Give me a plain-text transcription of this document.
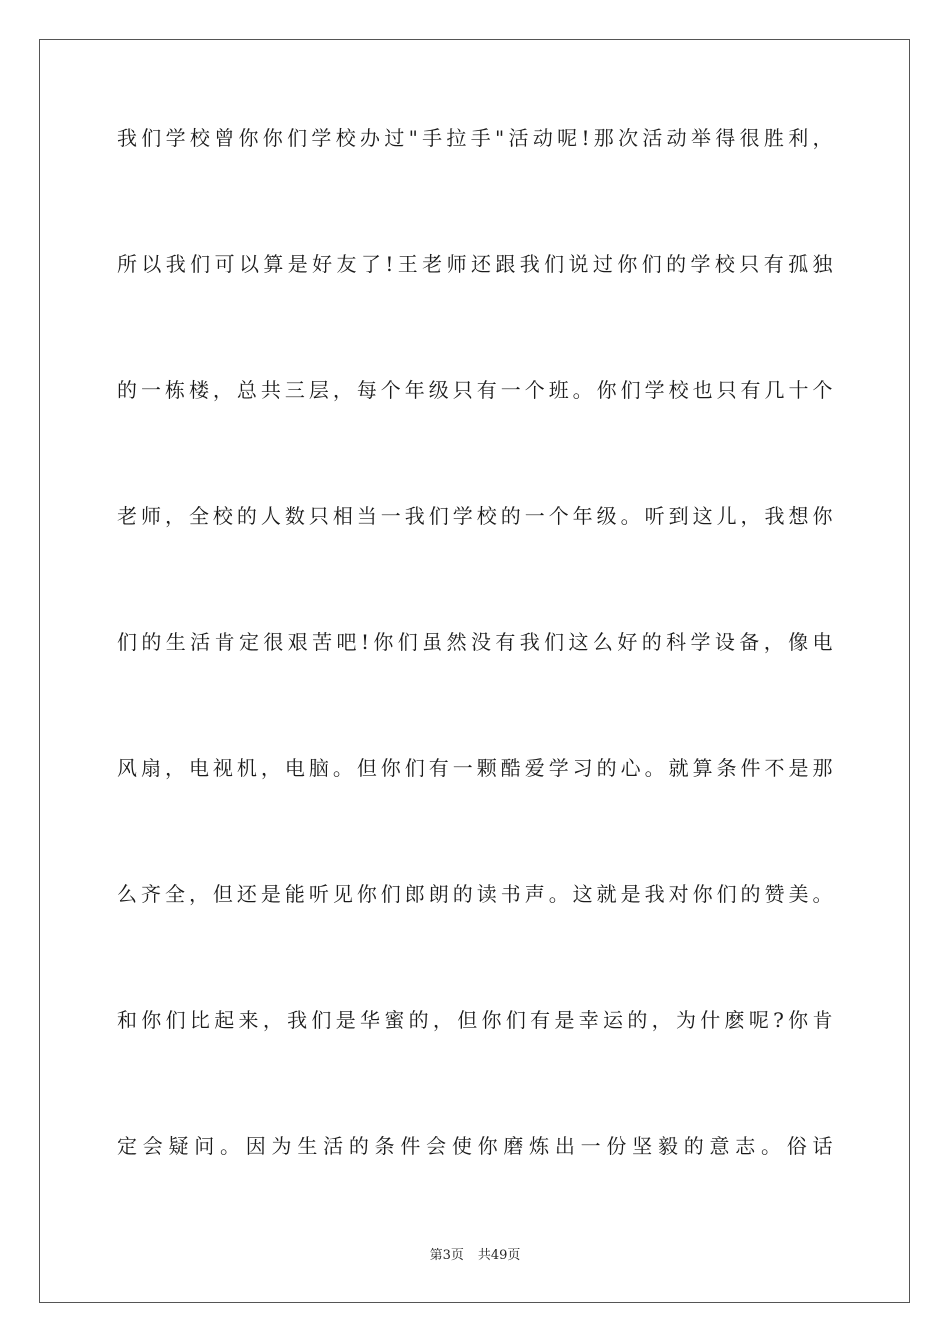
我们学校曾你你们学校办过"手拉手"活动呢!那次活动举得很胜利，
所以我们可以算是好友了!王老师还跟我们说过你们的学校只有孤独
的一栋楼，总共三层，每个年级只有一个班。你们学校也只有几十个
老师，全校的人数只相当一我们学校的一个年级。听到这儿，我想你
们的生活肯定很艰苦吧!你们虽然没有我们这么好的科学设备，像电
风扇，电视机，电脑。但你们有一颗酷爱学习的心。就算条件不是那
么齐全，但还是能听见你们郎朗的读书声。这就是我对你们的赞美。
和你们比起来，我们是华蜜的，但你们有是幸运的，为什麽呢?你肯
定会疑问。因为生活的条件会使你磨炼出一份坚毅的意志。俗话
第3页 共49页
